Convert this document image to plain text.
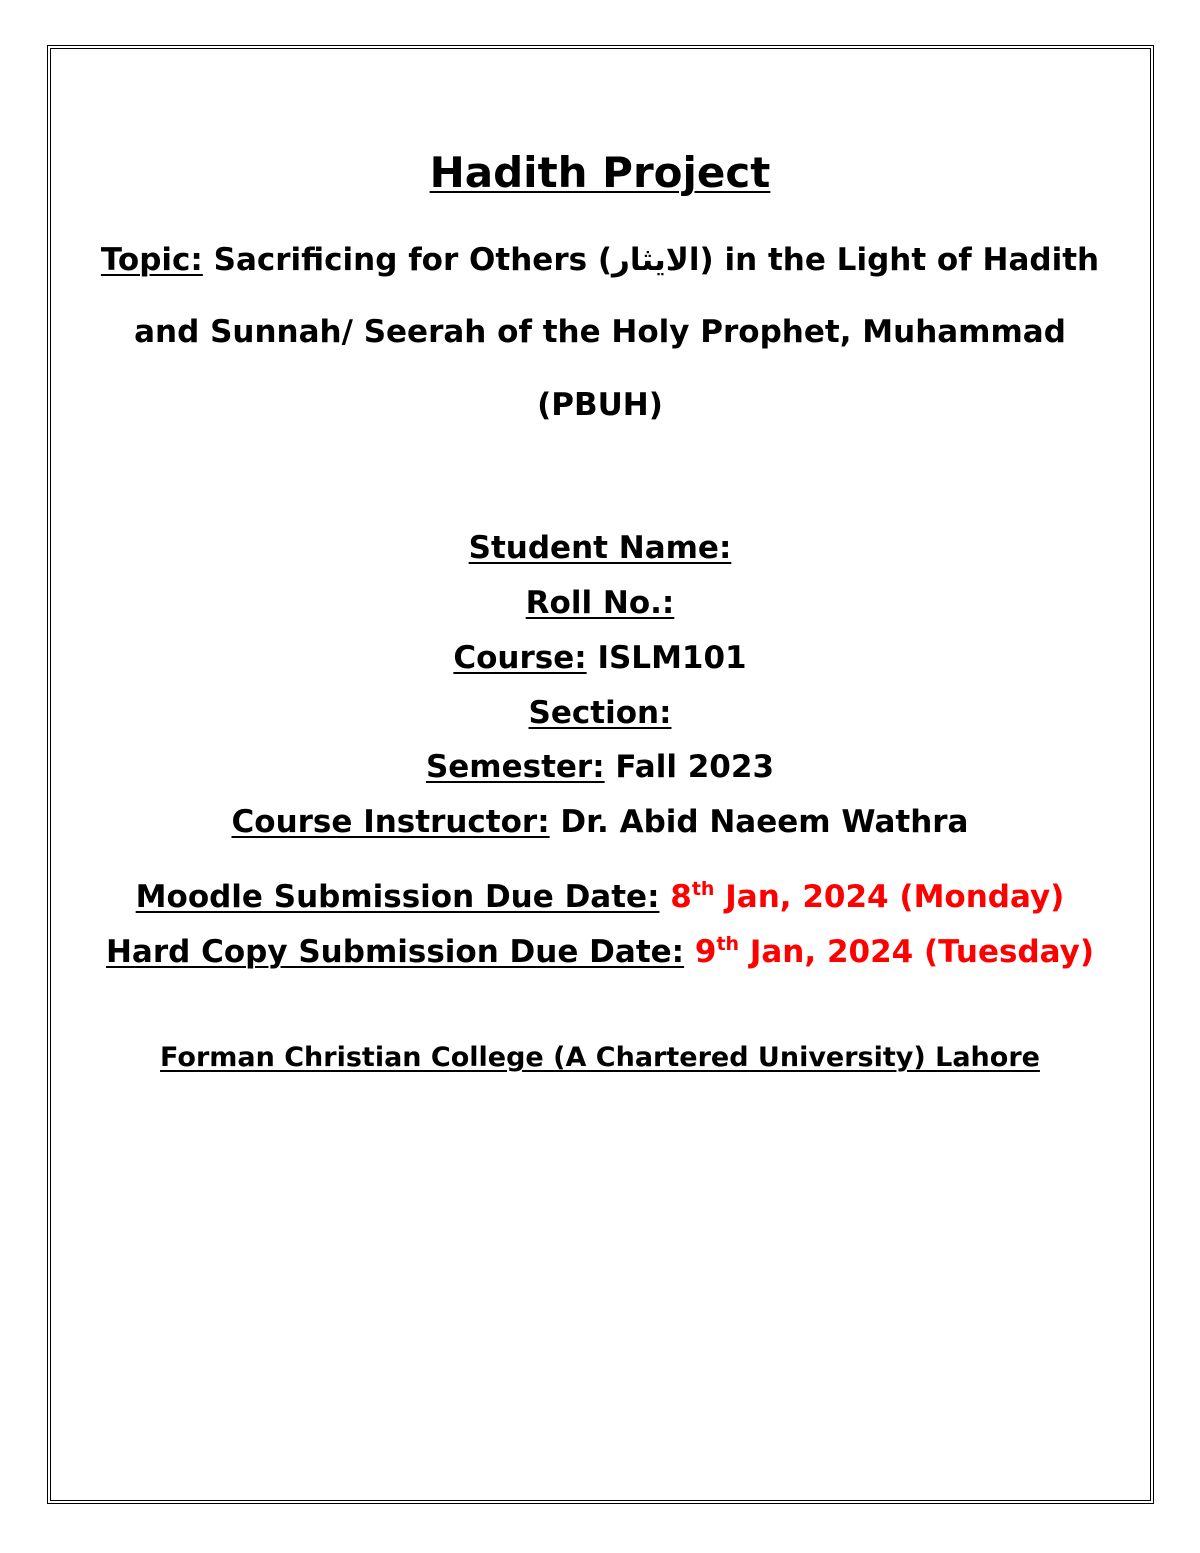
Hadith Project

Topic: Sacrificing for Others (الایثار) in the Light of Hadith

and Sunnah/ Seerah of the Holy Prophet, Muhammad

(PBUH)

Student Name:

Roll No.:

Course: ISLM101

Section:

Semester: Fall 2023

Course Instructor: Dr. Abid Naeem Wathra

Moodle Submission Due Date: 8th Jan, 2024 (Monday)

Hard Copy Submission Due Date: 9th Jan, 2024 (Tuesday)

Forman Christian College (A Chartered University) Lahore
